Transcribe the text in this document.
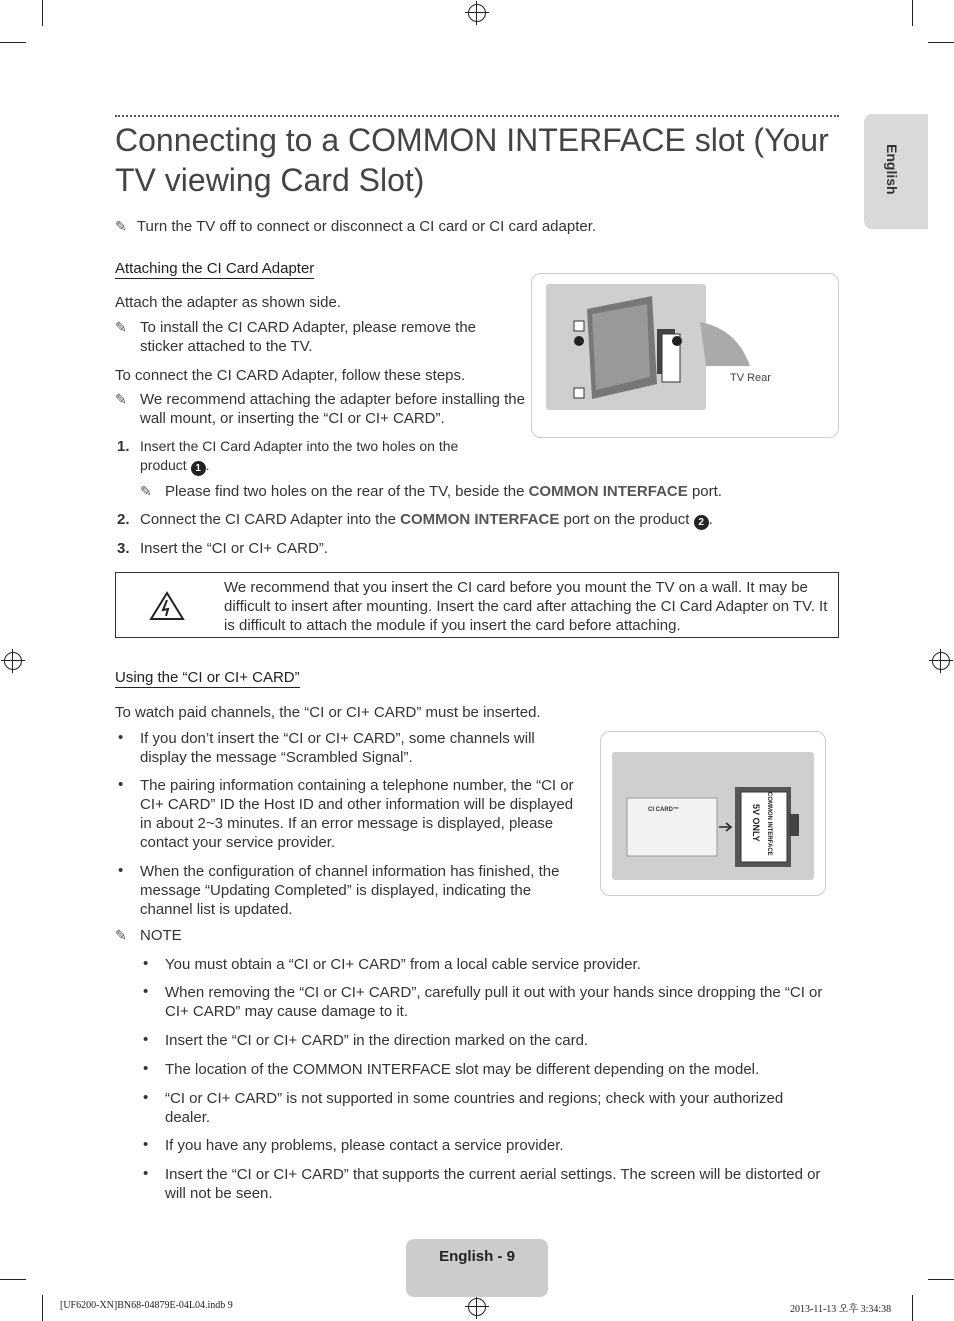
Connecting to a COMMON INTERFACE slot (Your TV viewing Card Slot)	English
✎ Turn the TV off to connect or disconnect a CI card or CI card adapter.
Attaching the CI Card Adapter
Attach the adapter as shown side.
✎ To install the CI CARD Adapter, please remove the sticker attached to the TV.
To connect the CI CARD Adapter, follow these steps.
✎ We recommend attaching the adapter before installing the wall mount, or inserting the “CI or CI+ CARD”.
1. Insert the CI Card Adapter into the two holes on the product 1 .
✎ Please find two holes on the rear of the TV, beside the COMMON INTERFACE port.
2. Connect the CI CARD Adapter into the COMMON INTERFACE port on the product 2 .
3. Insert the “CI or CI+ CARD”.
TV Rear
We recommend that you insert the CI card before you mount the TV on a wall. It may be difficult to insert after mounting. Insert the card after attaching the CI Card Adapter on TV. It is difficult to attach the module if you insert the card before attaching.
Using the “CI or CI+ CARD”
To watch paid channels, the “CI or CI+ CARD” must be inserted.
• If you don’t insert the “CI or CI+ CARD”, some channels will display the message “Scrambled Signal”.
• The pairing information containing a telephone number, the “CI or CI+ CARD” ID the Host ID and other information will be displayed in about 2~3 minutes. If an error message is displayed, please contact your service provider.
• When the configuration of channel information has finished, the message “Updating Completed” is displayed, indicating the channel list is updated.
✎ NOTE
• You must obtain a “CI or CI+ CARD” from a local cable service provider.
• When removing the “CI or CI+ CARD”, carefully pull it out with your hands since dropping the “CI or CI+ CARD” may cause damage to it.
• Insert the “CI or CI+ CARD” in the direction marked on the card.
• The location of the COMMON INTERFACE slot may be different depending on the model.
• “CI or CI+ CARD” is not supported in some countries and regions; check with your authorized dealer.
• If you have any problems, please contact a service provider.
• Insert the “CI or CI+ CARD” that supports the current aerial settings. The screen will be distorted or will not be seen.
CI CARD™	COMMON INTERFACE
5V ONLY
English - 9
[UF6200-XN]BN68-04879E-04L04.indb 9	2013-11-13 오후 3:34:38
